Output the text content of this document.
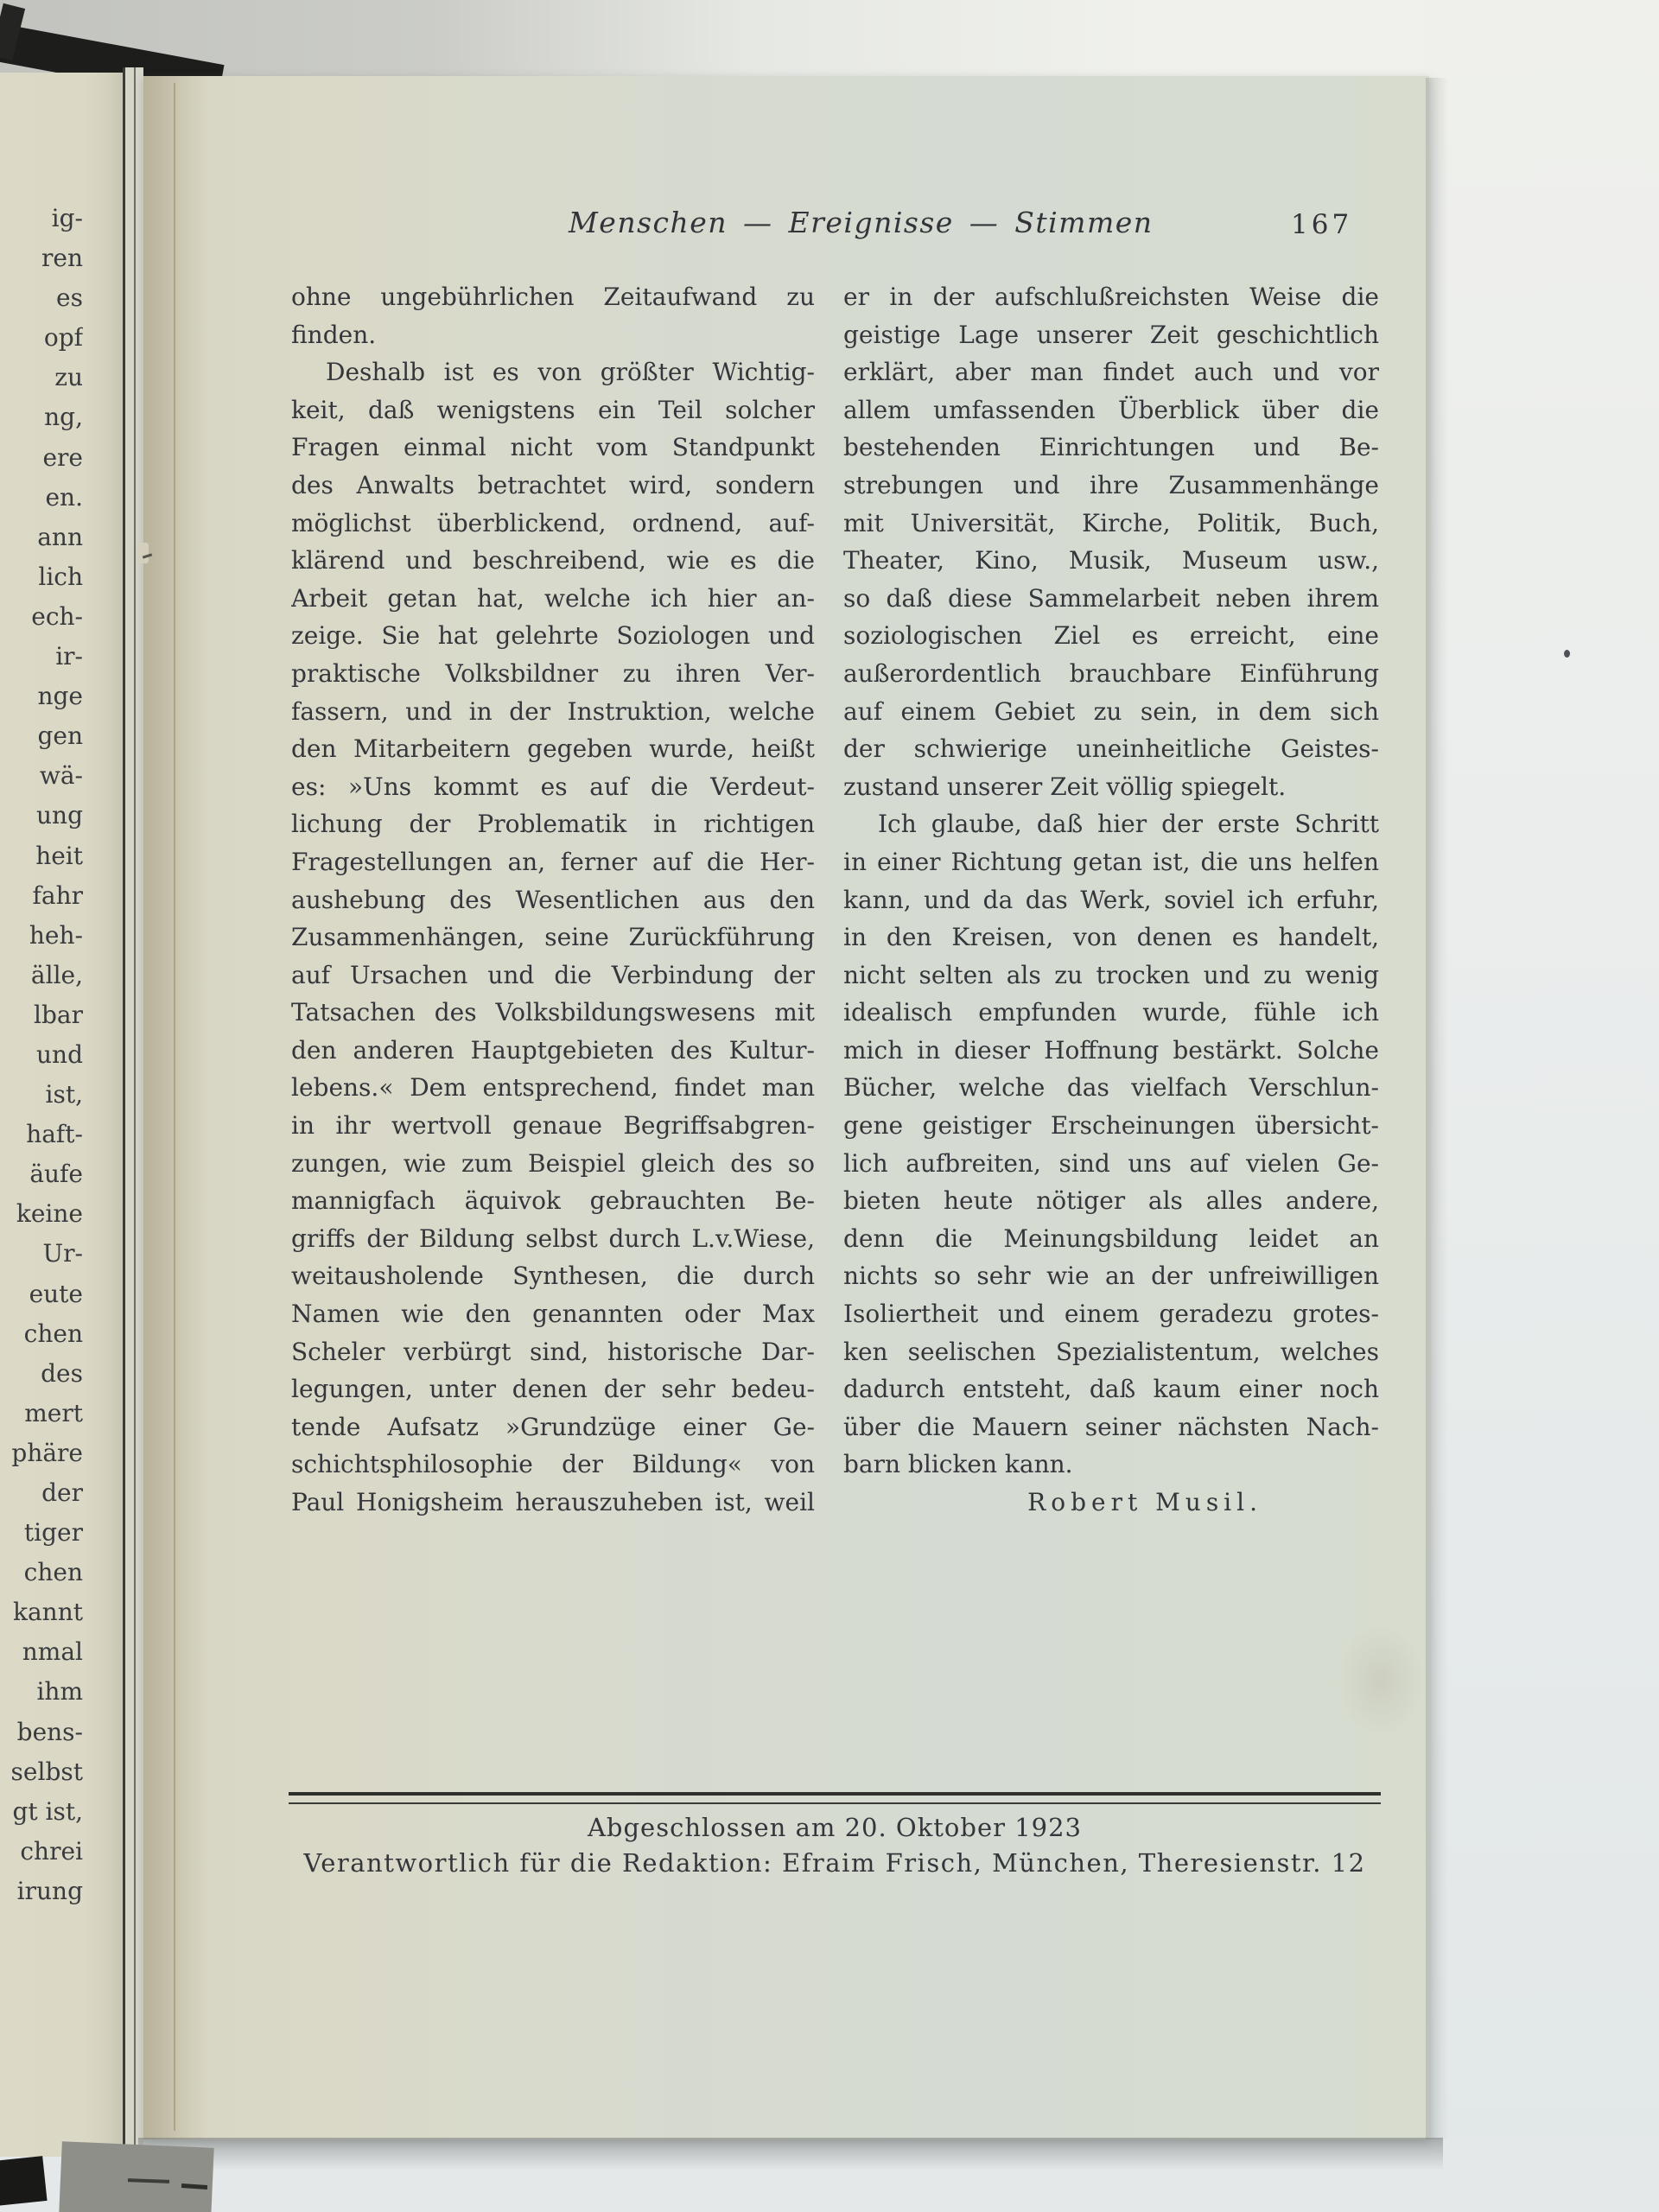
ig-
ren
es
opf
zu
ng,
ere
en.
ann
lich
ech-
ir-
nge
gen
wä-
ung
heit
fahr
heh-
älle,
lbar
und
ist,
haft-
äufe
keine
Ur-
eute
chen
des
mert
phäre
der
tiger
chen
kannt
nmal
ihm
bens-
selbst
gt ist,
chrei
irung
Menschen — Ereignisse — Stimmen	167
ohne ungebührlichen Zeitaufwand zu
finden.
Deshalb ist es von größter Wichtig-
keit, daß wenigstens ein Teil solcher
Fragen einmal nicht vom Standpunkt
des Anwalts betrachtet wird, sondern
möglichst überblickend, ordnend, auf-
klärend und beschreibend, wie es die
Arbeit getan hat, welche ich hier an-
zeige. Sie hat gelehrte Soziologen und
praktische Volksbildner zu ihren Ver-
fassern, und in der Instruktion, welche
den Mitarbeitern gegeben wurde, heißt
es: »Uns kommt es auf die Verdeut-
lichung der Problematik in richtigen
Fragestellungen an, ferner auf die Her-
aushebung des Wesentlichen aus den
Zusammenhängen, seine Zurückführung
auf Ursachen und die Verbindung der
Tatsachen des Volksbildungswesens mit
den anderen Hauptgebieten des Kultur-
lebens.« Dem entsprechend, findet man
in ihr wertvoll genaue Begriffsabgren-
zungen, wie zum Beispiel gleich des so
mannigfach äquivok gebrauchten Be-
griffs der Bildung selbst durch L.v.Wiese,
weitausholende Synthesen, die durch
Namen wie den genannten oder Max
Scheler verbürgt sind, historische Dar-
legungen, unter denen der sehr bedeu-
tende Aufsatz »Grundzüge einer Ge-
schichtsphilosophie der Bildung« von
Paul Honigsheim herauszuheben ist, weil
er in der aufschlußreichsten Weise die
geistige Lage unserer Zeit geschichtlich
erklärt, aber man findet auch und vor
allem umfassenden Überblick über die
bestehenden Einrichtungen und Be-
strebungen und ihre Zusammenhänge
mit Universität, Kirche, Politik, Buch,
Theater, Kino, Musik, Museum usw.,
so daß diese Sammelarbeit neben ihrem
soziologischen Ziel es erreicht, eine
außerordentlich brauchbare Einführung
auf einem Gebiet zu sein, in dem sich
der schwierige uneinheitliche Geistes-
zustand unserer Zeit völlig spiegelt.
Ich glaube, daß hier der erste Schritt
in einer Richtung getan ist, die uns helfen
kann, und da das Werk, soviel ich erfuhr,
in den Kreisen, von denen es handelt,
nicht selten als zu trocken und zu wenig
idealisch empfunden wurde, fühle ich
mich in dieser Hoffnung bestärkt. Solche
Bücher, welche das vielfach Verschlun-
gene geistiger Erscheinungen übersicht-
lich aufbreiten, sind uns auf vielen Ge-
bieten heute nötiger als alles andere,
denn die Meinungsbildung leidet an
nichts so sehr wie an der unfreiwilligen
Isoliertheit und einem geradezu grotes-
ken seelischen Spezialistentum, welches
dadurch entsteht, daß kaum einer noch
über die Mauern seiner nächsten Nach-
barn blicken kann.
Robert Musil.
Abgeschlossen am 20. Oktober 1923
Verantwortlich für die Redaktion: Efraim Frisch, München, Theresienstr. 12
